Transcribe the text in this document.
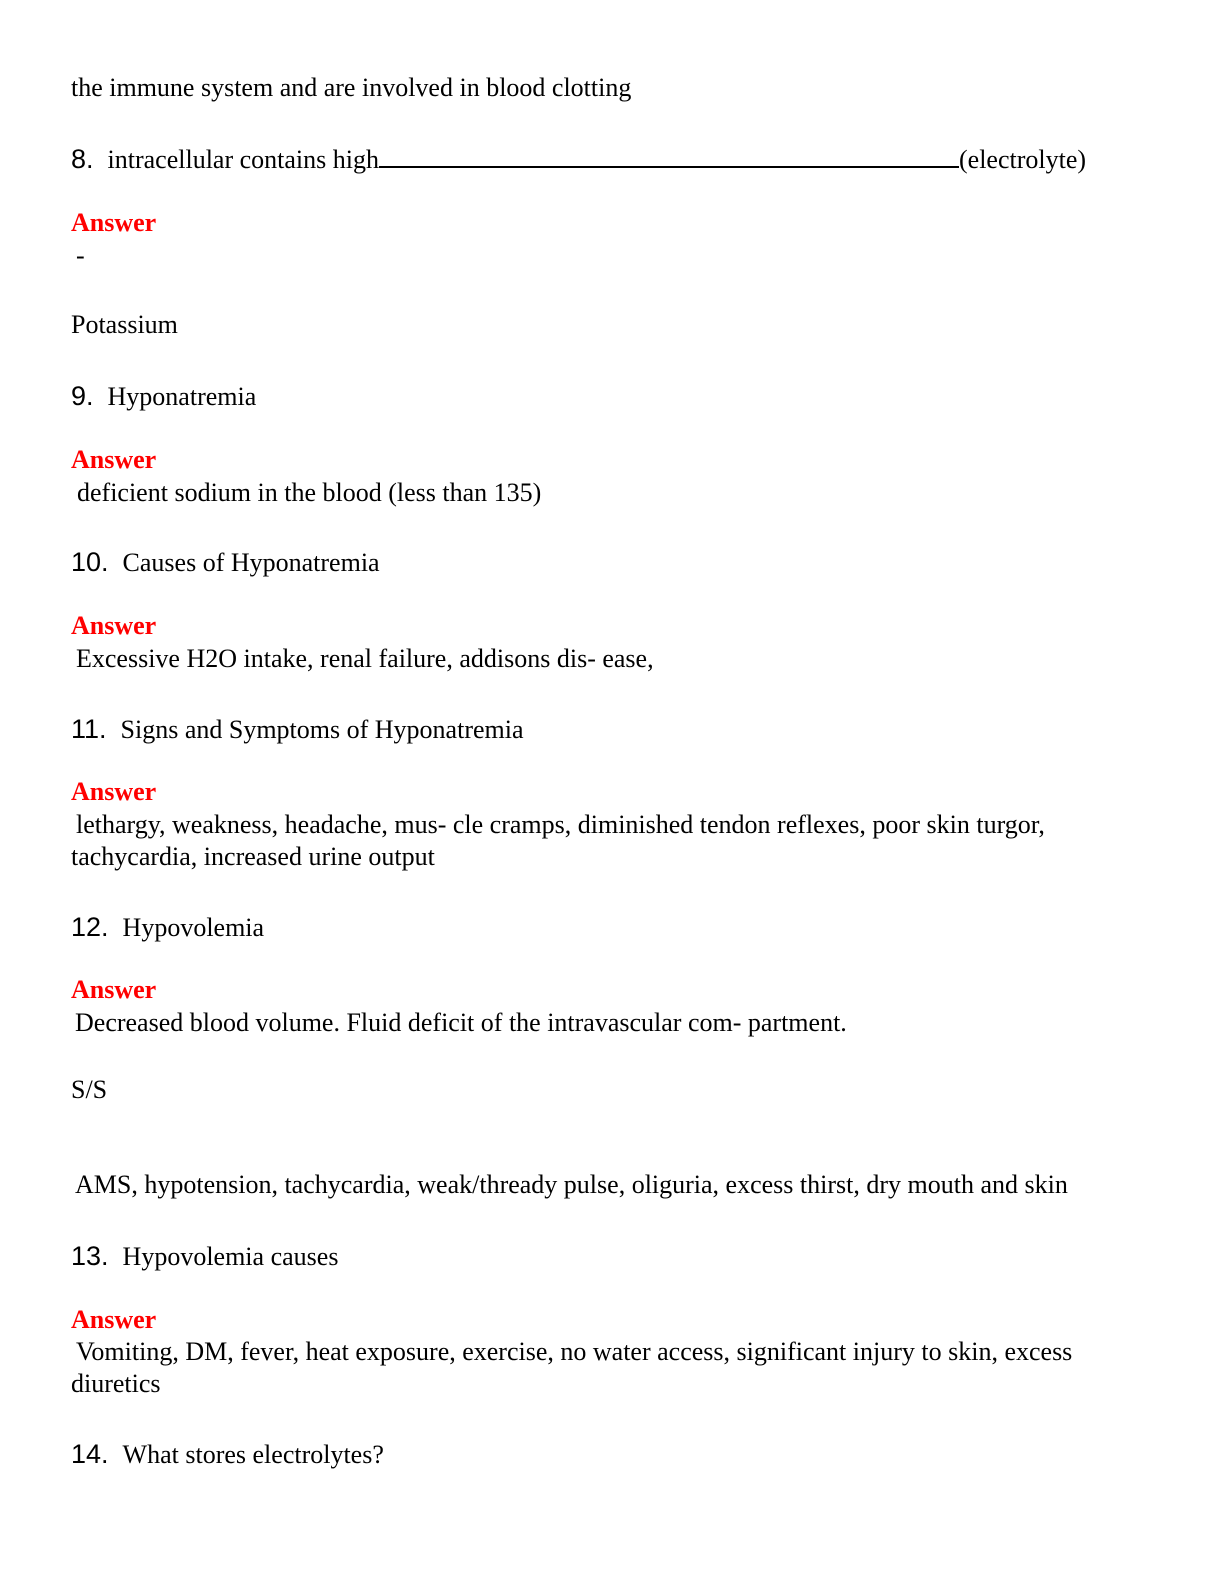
the immune system and are involved in blood clotting
8. intracellular contains high	(electrolyte)
Answer
-
Potassium
9. Hyponatremia
Answer
deficient sodium in the blood (less than 135)
10. Causes of Hyponatremia
Answer
Excessive H2O intake, renal failure, addisons dis- ease,
11. Signs and Symptoms of Hyponatremia
Answer
lethargy, weakness, headache, mus- cle cramps, diminished tendon reflexes, poor skin turgor,
tachycardia, increased urine output
12. Hypovolemia
Answer
Decreased blood volume. Fluid deficit of the intravascular com- partment.
S/S
AMS, hypotension, tachycardia, weak/thready pulse, oliguria, excess thirst, dry mouth and skin
13. Hypovolemia causes
Answer
Vomiting, DM, fever, heat exposure, exercise, no water access, significant injury to skin, excess
diuretics
14. What stores electrolytes?
